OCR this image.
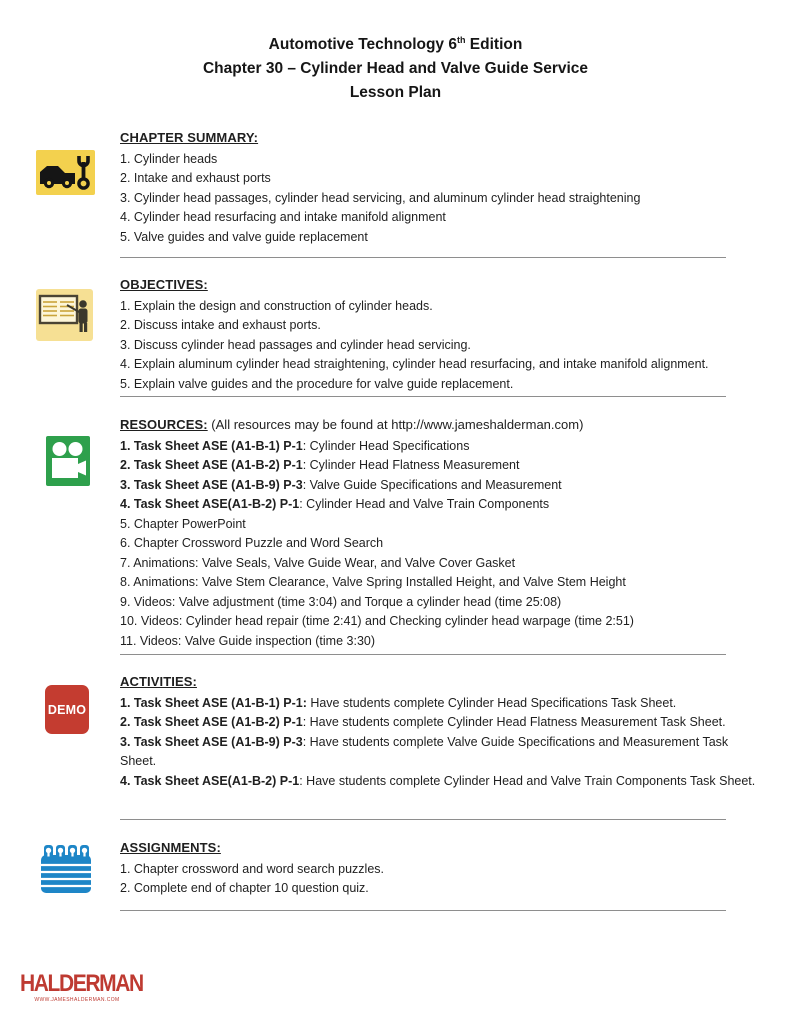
Automotive Technology 6th Edition
Chapter 30 – Cylinder Head and Valve Guide Service
Lesson Plan
DEMO
CHAPTER SUMMARY:
1. Cylinder heads
2. Intake and exhaust ports
3. Cylinder head passages, cylinder head servicing, and aluminum cylinder head straightening
4. Cylinder head resurfacing and intake manifold alignment
5. Valve guides and valve guide replacement
OBJECTIVES:
1. Explain the design and construction of cylinder heads.
2. Discuss intake and exhaust ports.
3. Discuss cylinder head passages and cylinder head servicing.
4. Explain aluminum cylinder head straightening, cylinder head resurfacing, and intake manifold alignment.
5. Explain valve guides and the procedure for valve guide replacement.
RESOURCES: (All resources may be found at http://www.jameshalderman.com)
1. Task Sheet ASE (A1-B-1) P-1: Cylinder Head Specifications
2. Task Sheet ASE (A1-B-2) P-1: Cylinder Head Flatness Measurement
3. Task Sheet ASE (A1-B-9) P-3: Valve Guide Specifications and Measurement
4. Task Sheet ASE(A1-B-2) P-1: Cylinder Head and Valve Train Components
5. Chapter PowerPoint
6. Chapter Crossword Puzzle and Word Search
7. Animations: Valve Seals, Valve Guide Wear, and Valve Cover Gasket
8. Animations: Valve Stem Clearance, Valve Spring Installed Height, and Valve Stem Height
9. Videos: Valve adjustment (time 3:04) and Torque a cylinder head (time 25:08)
10. Videos: Cylinder head repair (time 2:41) and Checking cylinder head warpage (time 2:51)
11. Videos: Valve Guide inspection (time 3:30)
ACTIVITIES:
1. Task Sheet ASE (A1-B-1) P-1: Have students complete Cylinder Head Specifications Task Sheet.
2. Task Sheet ASE (A1-B-2) P-1: Have students complete Cylinder Head Flatness Measurement Task Sheet.
3. Task Sheet ASE (A1-B-9) P-3: Have students complete Valve Guide Specifications and Measurement Task Sheet.
4. Task Sheet ASE(A1-B-2) P-1: Have students complete Cylinder Head and Valve Train Components Task Sheet.
ASSIGNMENTS:
1. Chapter crossword and word search puzzles.
2. Complete end of chapter 10 question quiz.
HALDERMAN
WWW.JAMESHALDERMAN.COM
